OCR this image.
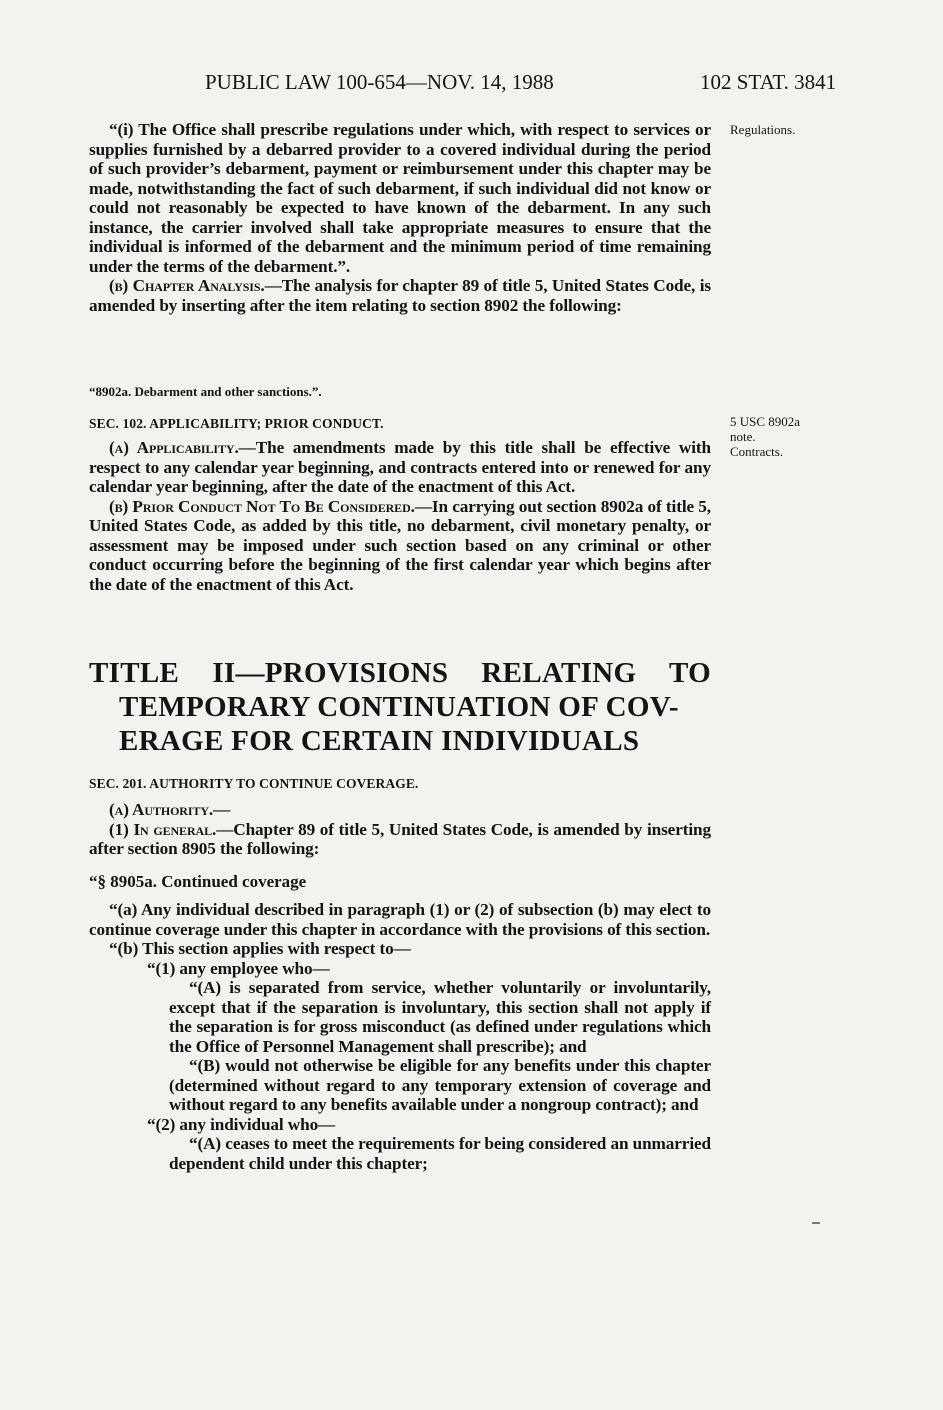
PUBLIC LAW 100-654—NOV. 14, 1988	102 STAT. 3841
Regulations.
5 USC 8902a
note.
Contracts.

“(i) The Office shall prescribe regulations under which, with respect to services or supplies furnished by a debarred provider to a covered individual during the period of such provider’s debarment, payment or reimbursement under this chapter may be made, notwithstanding the fact of such debarment, if such individual did not know or could not reasonably be expected to have known of the debarment. In any such instance, the carrier involved shall take appropriate measures to ensure that the individual is informed of the debarment and the minimum period of time remaining under the terms of the debarment.”.

(b) Chapter Analysis.—The analysis for chapter 89 of title 5, United States Code, is amended by inserting after the item relating to section 8902 the following:

“8902a. Debarment and other sanctions.”.

SEC. 102. APPLICABILITY; PRIOR CONDUCT.

(a) Applicability.—The amendments made by this title shall be effective with respect to any calendar year beginning, and contracts entered into or renewed for any calendar year beginning, after the date of the enactment of this Act.

(b) Prior Conduct Not To Be Considered.—In carrying out section 8902a of title 5, United States Code, as added by this title, no debarment, civil monetary penalty, or assessment may be imposed under such section based on any criminal or other conduct occurring before the beginning of the first calendar year which begins after the date of the enactment of this Act.

TITLE II—PROVISIONS RELATING TO
TEMPORARY CONTINUATION OF COV-
ERAGE FOR CERTAIN INDIVIDUALS

SEC. 201. AUTHORITY TO CONTINUE COVERAGE.

(a) Authority.—

(1) In general.—Chapter 89 of title 5, United States Code, is amended by inserting after section 8905 the following:

“§ 8905a. Continued coverage

“(a) Any individual described in paragraph (1) or (2) of subsection (b) may elect to continue coverage under this chapter in accordance with the provisions of this section.

“(b) This section applies with respect to—

“(1) any employee who—

“(A) is separated from service, whether voluntarily or involuntarily, except that if the separation is involuntary, this section shall not apply if the separation is for gross misconduct (as defined under regulations which the Office of Personnel Management shall prescribe); and

“(B) would not otherwise be eligible for any benefits under this chapter (determined without regard to any temporary extension of coverage and without regard to any benefits available under a nongroup contract); and

“(2) any individual who—

“(A) ceases to meet the requirements for being considered an unmarried dependent child under this chapter;
